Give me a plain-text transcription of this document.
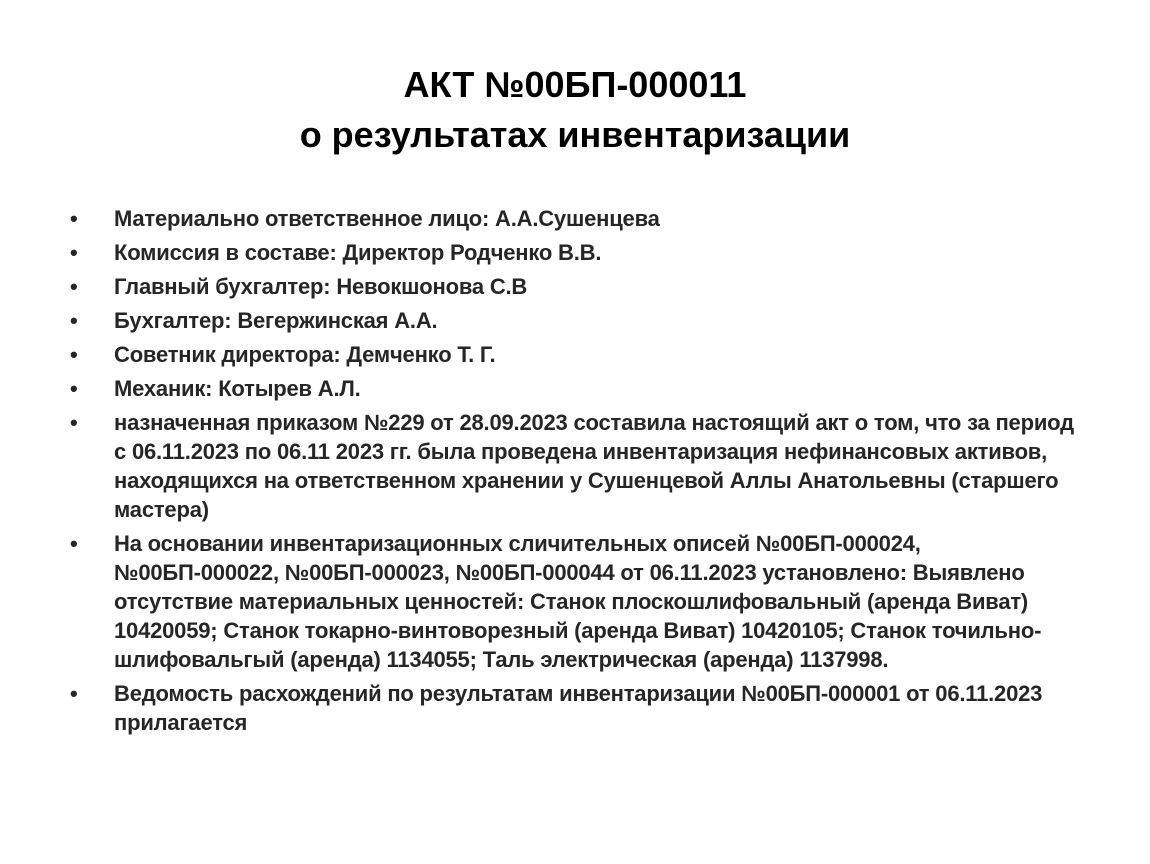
АКТ №00БП-000011
о результатах инвентаризации
• Материально ответственное лицо: А.А.Сушенцева
• Комиссия в составе: Директор Родченко В.В.
• Главный бухгалтер: Невокшонова С.В
• Бухгалтер: Вегержинская А.А.
• Советник директора: Демченко Т. Г.
• Механик: Котырев А.Л.
• назначенная приказом №229 от 28.09.2023 составила настоящий акт о том, что за период с 06.11.2023 по 06.11 2023 гг. была проведена инвентаризация нефинансовых активов, находящихся на ответственном хранении у Сушенцевой Аллы Анатольевны (старшего мастера)
• На основании инвентаризационных сличительных описей №00БП-000024, №00БП-000022, №00БП-000023, №00БП-000044 от 06.11.2023 установлено: Выявлено отсутствие материальных ценностей: Станок плоскошлифовальный (аренда Виват) 10420059; Станок токарно-винтоворезный (аренда Виват) 10420105; Станок точильно-шлифовальгый (аренда) 1134055; Таль электрическая (аренда) 1137998.
• Ведомость расхождений по результатам инвентаризации №00БП-000001 от 06.11.2023 прилагается
